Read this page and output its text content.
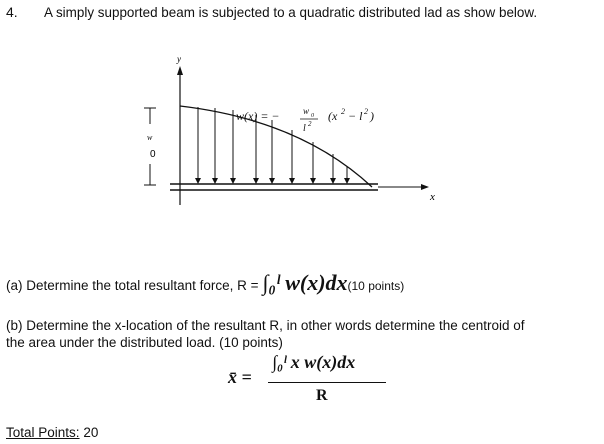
4. A simply supported beam is subjected to a quadratic distributed lad as show below.
y
x
w
0
w(x) = −	w 0
l 2
(x 2 − l 2 )
(a) Determine the total resultant force, R = ∫₀ˡ w(x)dx(10 points)
(b) Determine the x-location of the resultant R, in other words determine the centroid of
the area under the distributed load. (10 points)
x̄ =
∫₀ˡ x w(x)dx
R
Total Points: 20
